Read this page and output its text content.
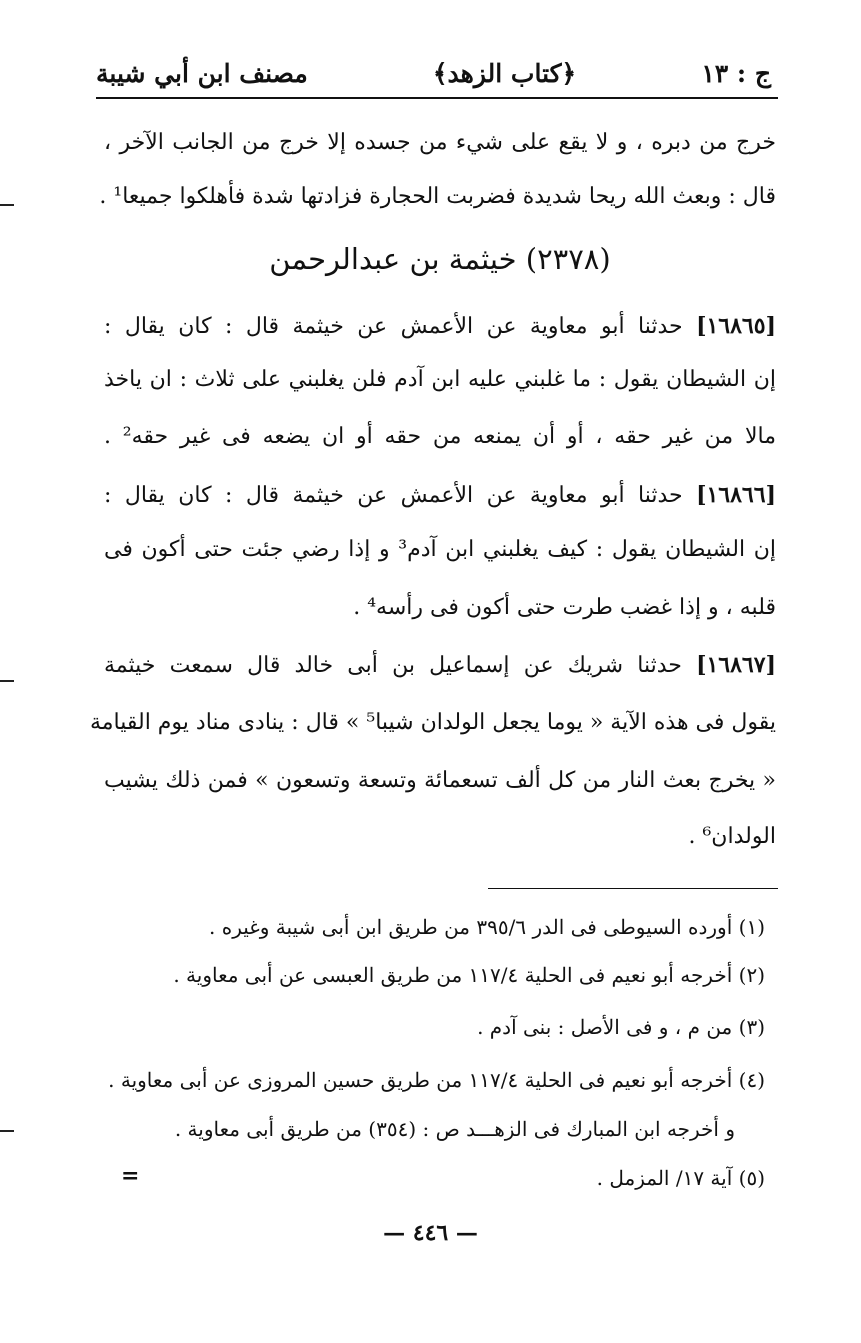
مصنف ابن أبي شيبة	﴿كتاب الزهد﴾	ج : ١٣
خرج من دبره ، و لا يقع على شيء من جسده إلا خرج من الجانب الآخر ،
قال : وبعث الله ريحا شديدة فضربت الحجارة فزادتها شدة فأهلكوا جميعا¹ .
(٢٣٧٨) خيثمة بن عبدالرحمن
[١٦٨٦٥] حدثنا أبو معاوية عن الأعمش عن خيثمة قال : كان يقال :
إن الشيطان يقول : ما غلبني عليه ابن آدم فلن يغلبني على ثلاث : ان ياخذ
مالا من غير حقه ، أو أن يمنعه من حقه أو ان يضعه فى غير حقه² .
[١٦٨٦٦] حدثنا أبو معاوية عن الأعمش عن خيثمة قال : كان يقال :
إن الشيطان يقول : كيف يغلبني ابن آدم³ و إذا رضي جئت حتى أكون فى
قلبه ، و إذا غضب طرت حتى أكون فى رأسه⁴ .
[١٦٨٦٧] حدثنا شريك عن إسماعيل بن أبى خالد قال سمعت خيثمة
يقول فى هذه الآية « يوما يجعل الولدان شيبا⁵ » قال : ينادى مناد يوم القيامة
« يخرج بعث النار من كل ألف تسعمائة وتسعة وتسعون » فمن ذلك يشيب
الولدان⁶ .
(١) أورده السيوطى فى الدر ٣٩٥/٦ من طريق ابن أبى شيبة وغيره .
(٢) أخرجه أبو نعيم فى الحلية ١١٧/٤ من طريق العبسى عن أبى معاوية .
(٣) من م ، و فى الأصل : بنى آدم .
(٤) أخرجه أبو نعيم فى الحلية ١١٧/٤ من طريق حسين المروزى عن أبى معاوية .
و أخرجه ابن المبارك فى الزهـــد ص : (٣٥٤) من طريق أبى معاوية .
(٥) آية ١٧/ المزمل .
=
— ٤٤٦ —
